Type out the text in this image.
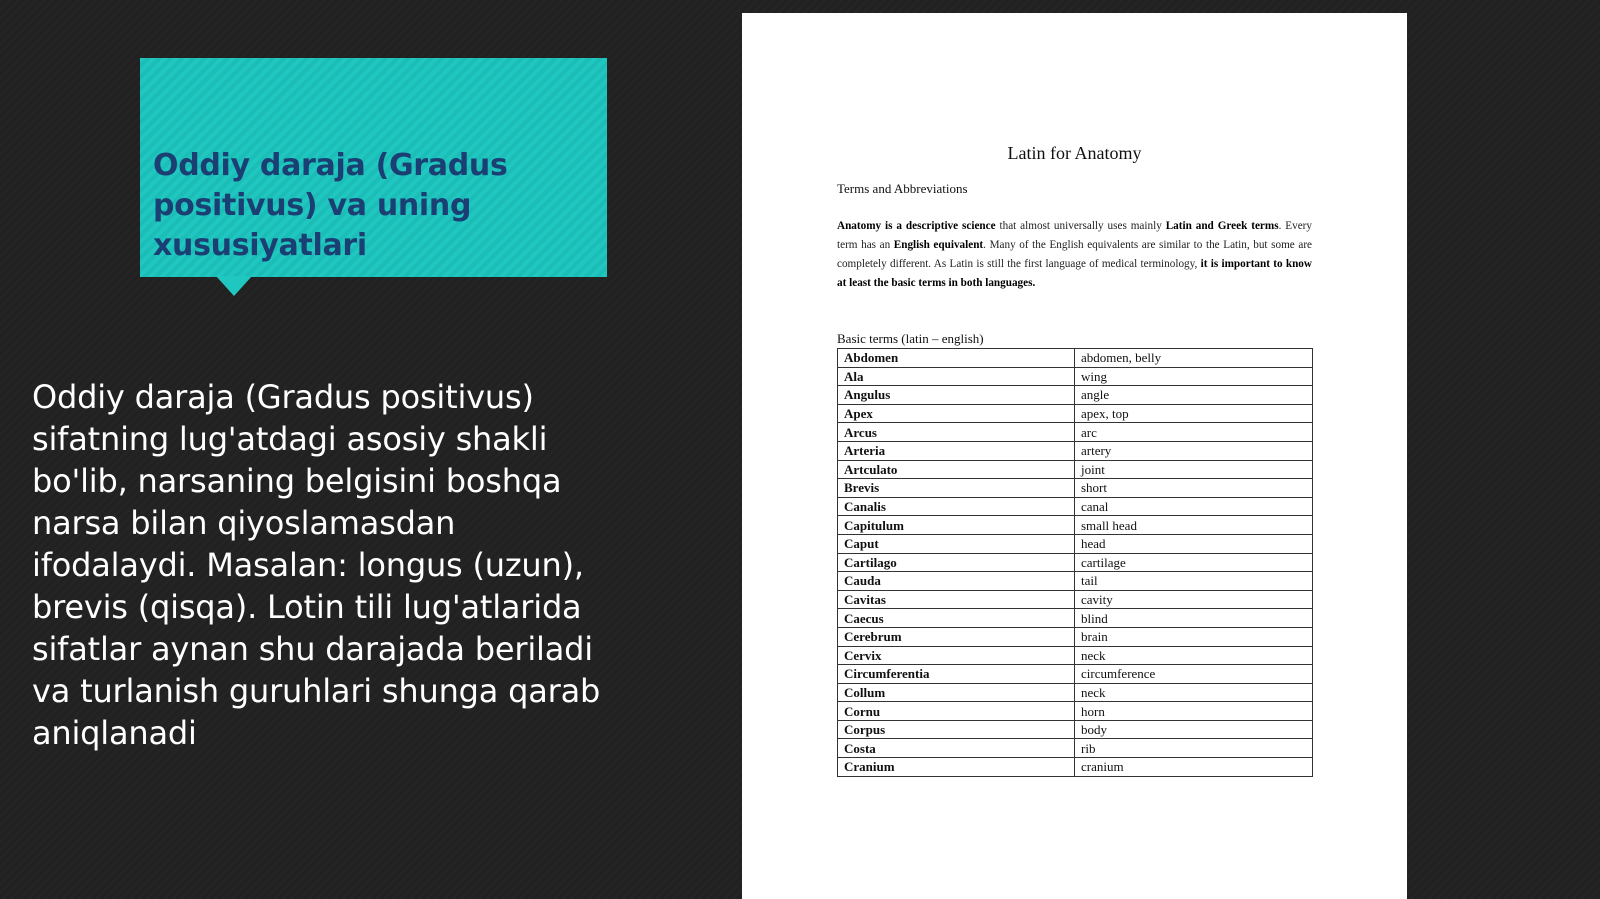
Oddiy daraja (Gradus positivus) va uning xususiyatlari

Oddiy daraja (Gradus positivus) sifatning lug'atdagi asosiy shakli bo'lib, narsaning belgisini boshqa narsa bilan qiyoslamasdan ifodalaydi. Masalan: longus (uzun), brevis (qisqa). Lotin tili lug'atlarida sifatlar aynan shu darajada beriladi va turlanish guruhlari shunga qarab aniqlanadi

Latin for Anatomy
Terms and Abbreviations

Anatomy is a descriptive science that almost universally uses mainly Latin and Greek terms. Every term has an English equivalent. Many of the English equivalents are similar to the Latin, but some are completely different. As Latin is still the first language of medical terminology, it is important to know at least the basic terms in both languages.

Basic terms (latin – english)
Abdomen	abdomen, belly
Ala	wing
Angulus	angle
Apex	apex, top
Arcus	arc
Arteria	artery
Artculato	joint
Brevis	short
Canalis	canal
Capitulum	small head
Caput	head
Cartilago	cartilage
Cauda	tail
Cavitas	cavity
Caecus	blind
Cerebrum	brain
Cervix	neck
Circumferentia	circumference
Collum	neck
Cornu	horn
Corpus	body
Costa	rib
Cranium	cranium
